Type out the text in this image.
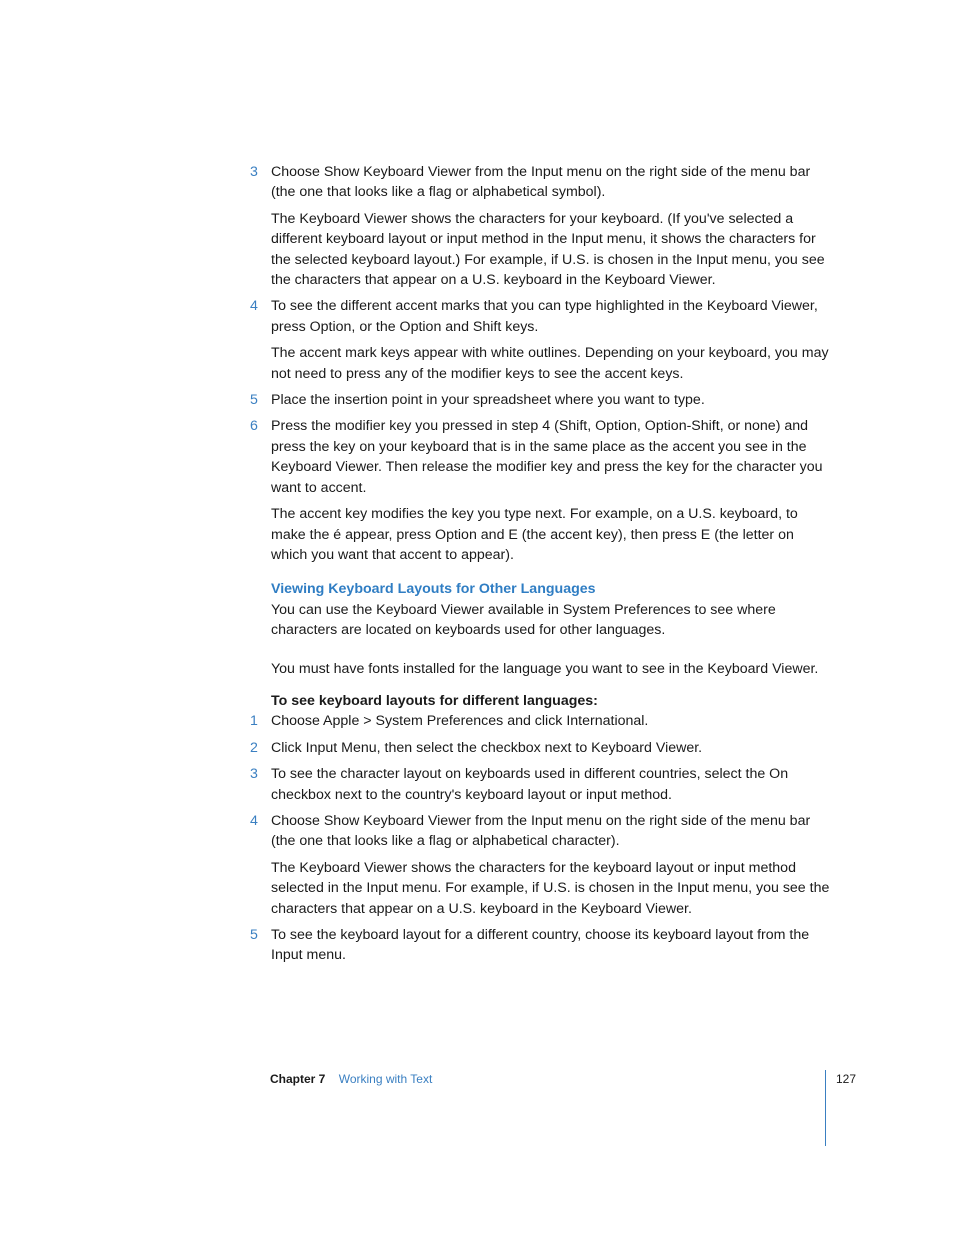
3 Choose Show Keyboard Viewer from the Input menu on the right side of the menu bar (the one that looks like a flag or alphabetical symbol).
The Keyboard Viewer shows the characters for your keyboard. (If you've selected a different keyboard layout or input method in the Input menu, it shows the characters for the selected keyboard layout.) For example, if U.S. is chosen in the Input menu, you see the characters that appear on a U.S. keyboard in the Keyboard Viewer.
4 To see the different accent marks that you can type highlighted in the Keyboard Viewer, press Option, or the Option and Shift keys.
The accent mark keys appear with white outlines. Depending on your keyboard, you may not need to press any of the modifier keys to see the accent keys.
5 Place the insertion point in your spreadsheet where you want to type.
6 Press the modifier key you pressed in step 4 (Shift, Option, Option-Shift, or none) and press the key on your keyboard that is in the same place as the accent you see in the Keyboard Viewer. Then release the modifier key and press the key for the character you want to accent.
The accent key modifies the key you type next. For example, on a U.S. keyboard, to make the é appear, press Option and E (the accent key), then press E (the letter on which you want that accent to appear).
Viewing Keyboard Layouts for Other Languages
You can use the Keyboard Viewer available in System Preferences to see where characters are located on keyboards used for other languages.
You must have fonts installed for the language you want to see in the Keyboard Viewer.
To see keyboard layouts for different languages:
1 Choose Apple > System Preferences and click International.
2 Click Input Menu, then select the checkbox next to Keyboard Viewer.
3 To see the character layout on keyboards used in different countries, select the On checkbox next to the country's keyboard layout or input method.
4 Choose Show Keyboard Viewer from the Input menu on the right side of the menu bar (the one that looks like a flag or alphabetical character).
The Keyboard Viewer shows the characters for the keyboard layout or input method selected in the Input menu. For example, if U.S. is chosen in the Input menu, you see the characters that appear on a U.S. keyboard in the Keyboard Viewer.
5 To see the keyboard layout for a different country, choose its keyboard layout from the Input menu.
Chapter 7 Working with Text	127
